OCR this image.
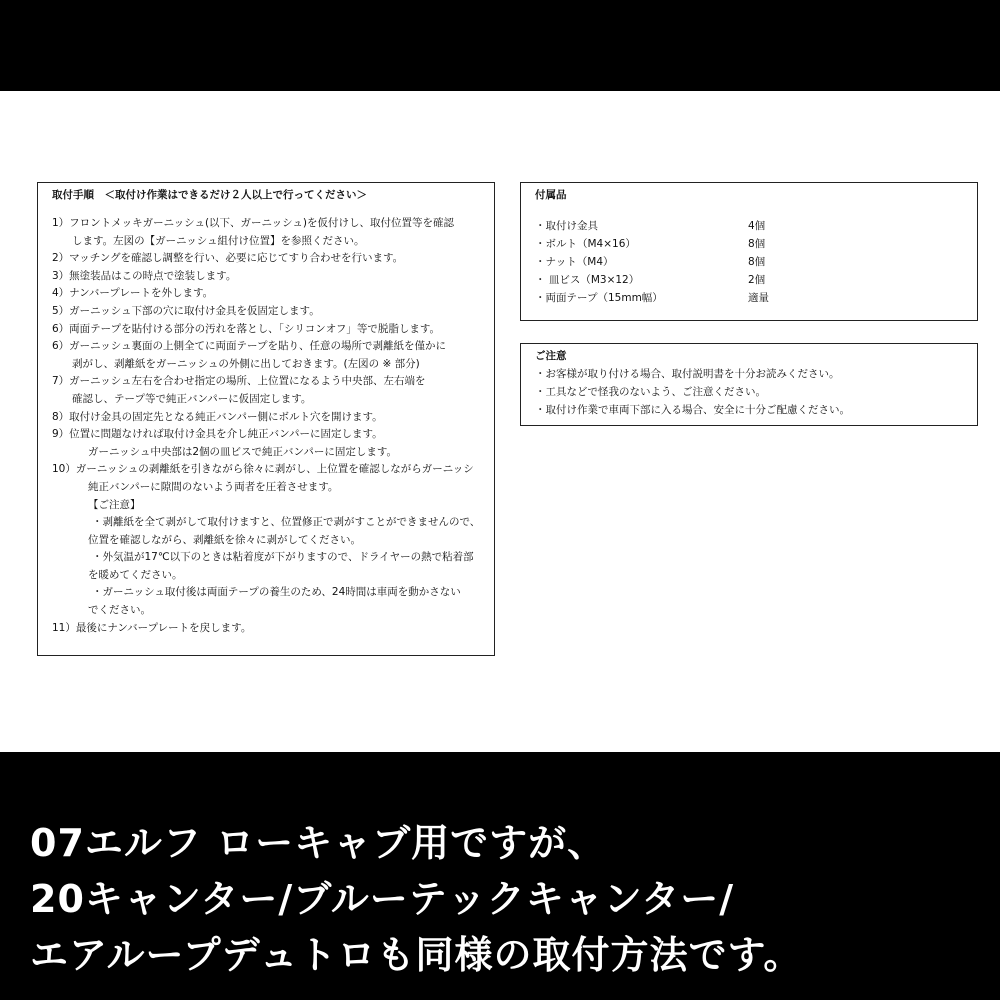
取付手順　＜取付け作業はできるだけ２人以上で行ってください＞
1）フロントメッキガーニッシュ(以下、ガーニッシュ)を仮付けし、取付位置等を確認
します。左図の【ガーニッシュ組付け位置】を参照ください。
2）マッチングを確認し調整を行い、必要に応じてすり合わせを行います。
3）無塗装品はこの時点で塗装します。
4）ナンバープレートを外します。
5）ガーニッシュ下部の穴に取付け金具を仮固定します。
6）両面テープを貼付ける部分の汚れを落とし、「シリコンオフ」等で脱脂します。
6）ガーニッシュ裏面の上側全てに両面テープを貼り、任意の場所で剥離紙を僅かに
剥がし、剥離紙をガーニッシュの外側に出しておきます。(左図の ※ 部分)
7）ガーニッシュ左右を合わせ指定の場所、上位置になるよう中央部、左右端を
確認し、テープ等で純正バンパーに仮固定します。
8）取付け金具の固定先となる純正バンパー側にボルト穴を開けます。
9）位置に問題なければ取付け金具を介し純正バンパーに固定します。
ガーニッシュ中央部は2個の皿ビスで純正バンパーに固定します。
10）ガーニッシュの剥離紙を引きながら徐々に剥がし、上位置を確認しながらガーニッシ
純正バンパーに隙間のないよう両者を圧着させます。
【ご注意】
・剥離紙を全て剥がして取付けますと、位置修正で剥がすことができませんので、
位置を確認しながら、剥離紙を徐々に剥がしてください。
・外気温が17℃以下のときは粘着度が下がりますので、ドライヤーの熱で粘着部
を暖めてください。
・ガーニッシュ取付後は両面テープの養生のため、24時間は車両を動かさない
でください。
11）最後にナンバープレートを戻します。
付属品
・取付け金具	4個
・ボルト（M4×16）	8個
・ナット（M4）	8個
・ 皿ビス（M3×12）	2個
・両面テープ（15mm幅）	適量
ご注意
・お客様が取り付ける場合、取付説明書を十分お読みください。
・工具などで怪我のないよう、ご注意ください。
・取付け作業で車両下部に入る場合、安全に十分ご配慮ください。
07エルフ ローキャブ用ですが、
20キャンター/ブルーテックキャンター/
エアループデュトロも同様の取付方法です。
